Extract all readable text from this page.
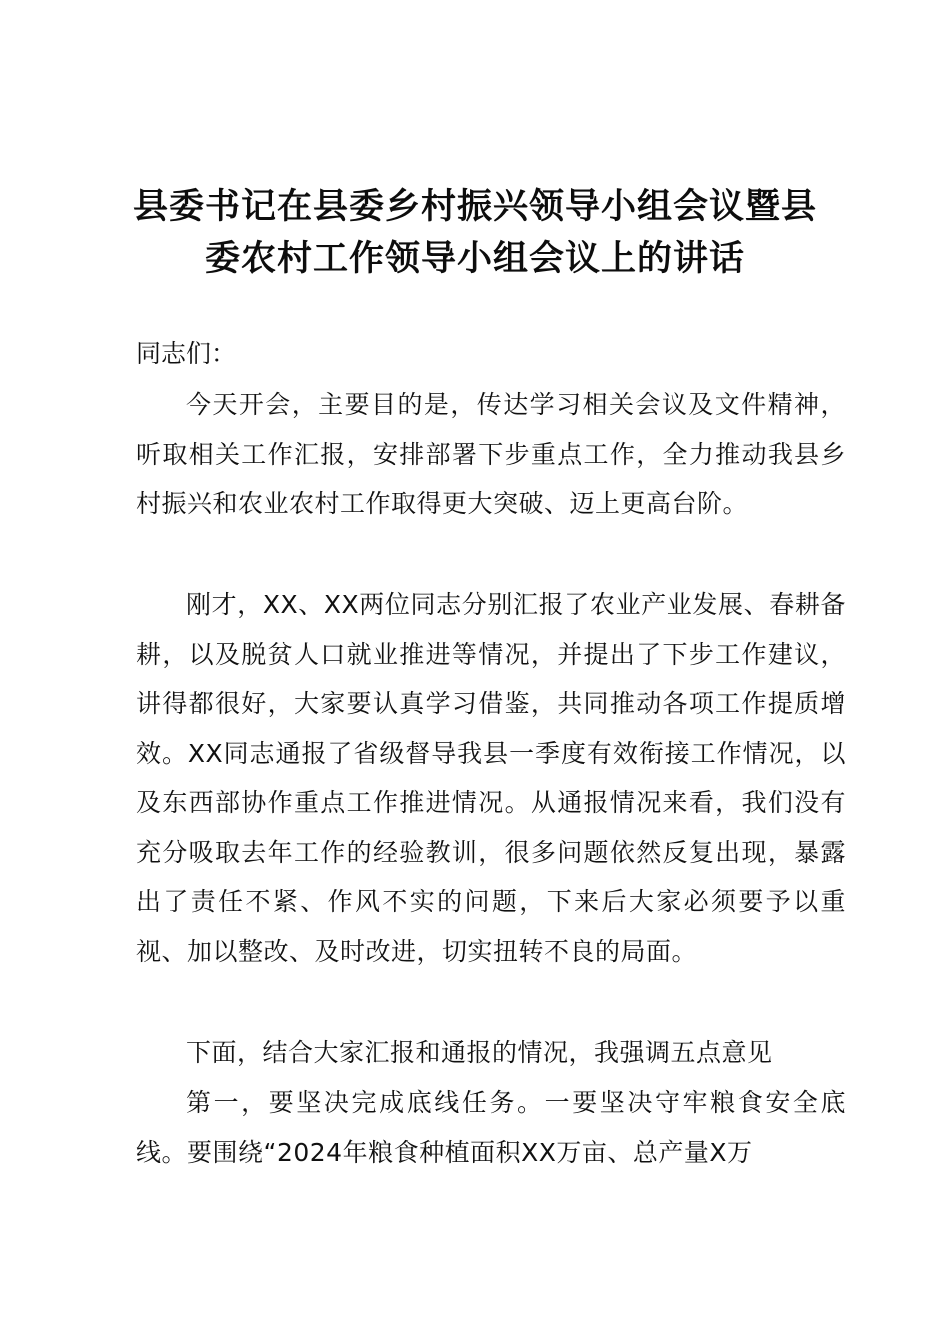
县委书记在县委乡村振兴领导小组会议暨县
委农村工作领导小组会议上的讲话
同志们：

今天开会，主要目的是，传达学习相关会议及文件精神，听取相关工作汇报，安排部署下步重点工作，全力推动我县乡村振兴和农业农村工作取得更大突破、迈上更高台阶。

刚才，XX、XX两位同志分别汇报了农业产业发展、春耕备耕，以及脱贫人口就业推进等情况，并提出了下步工作建议，讲得都很好，大家要认真学习借鉴，共同推动各项工作提质增效。XX同志通报了省级督导我县一季度有效衔接工作情况，以及东西部协作重点工作推进情况。从通报情况来看，我们没有充分吸取去年工作的经验教训，很多问题依然反复出现，暴露出了责任不紧、作风不实的问题，下来后大家必须要予以重视、加以整改、及时改进，切实扭转不良的局面。

下面，结合大家汇报和通报的情况，我强调五点意见

第一，要坚决完成底线任务。一要坚决守牢粮食安全底线。要围绕“2024年粮食种植面积XX万亩、总产量X万
